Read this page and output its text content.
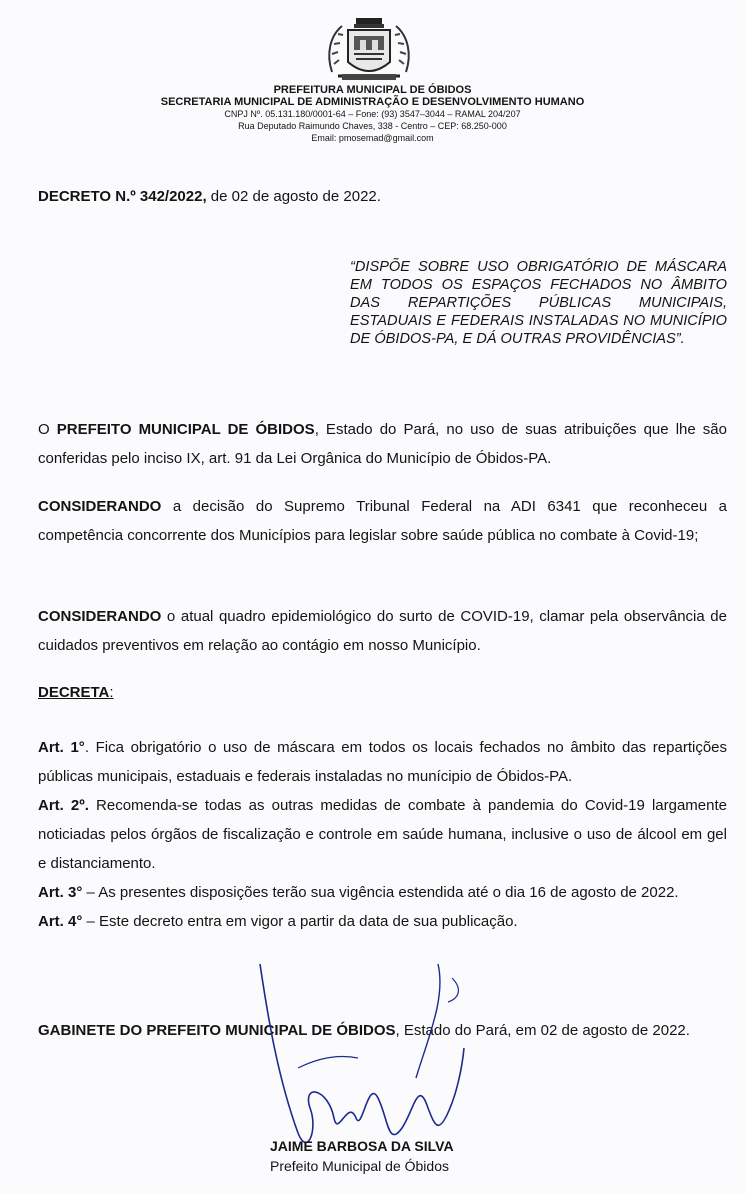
PREFEITURA MUNICIPAL DE ÓBIDOS
SECRETARIA MUNICIPAL DE ADMINISTRAÇÃO E DESENVOLVIMENTO HUMANO
CNPJ Nº. 05.131.180/0001-64 – Fone: (93) 3547–3044 – RAMAL 204/207
Rua Deputado Raimundo Chaves, 338 - Centro – CEP: 68.250-000
Email: pmosemad@gmail.com
DECRETO N.º 342/2022, de 02 de agosto de 2022.
“DISPÕE SOBRE USO OBRIGATÓRIO DE MÁSCARA EM TODOS OS ESPAÇOS FECHADOS NO ÂMBITO DAS REPARTIÇÕES PÚBLICAS MUNICIPAIS, ESTADUAIS E FEDERAIS INSTALADAS NO MUNICÍPIO DE ÓBIDOS-PA, E DÁ OUTRAS PROVIDÊNCIAS”.
O PREFEITO MUNICIPAL DE ÓBIDOS, Estado do Pará, no uso de suas atribuições que lhe são conferidas pelo inciso IX, art. 91 da Lei Orgânica do Município de Óbidos-PA.
CONSIDERANDO a decisão do Supremo Tribunal Federal na ADI 6341 que reconheceu a competência concorrente dos Municípios para legislar sobre saúde pública no combate à Covid-19;
CONSIDERANDO o atual quadro epidemiológico do surto de COVID-19, clamar pela observância de cuidados preventivos em relação ao contágio em nosso Município.
DECRETA:

Art. 1°. Fica obrigatório o uso de máscara em todos os locais fechados no âmbito das repartições públicas municipais, estaduais e federais instaladas no munícipio de Óbidos-PA.

Art. 2º. Recomenda-se todas as outras medidas de combate à pandemia do Covid-19 largamente noticiadas pelos órgãos de fiscalização e controle em saúde humana, inclusive o uso de álcool em gel e distanciamento.

Art. 3° – As presentes disposições terão sua vigência estendida até o dia 16 de agosto de 2022.

Art. 4° – Este decreto entra em vigor a partir da data de sua publicação.

GABINETE DO PREFEITO MUNICIPAL DE ÓBIDOS, Estado do Pará, em 02 de agosto de 2022.
JAIME BARBOSA DA SILVA
Prefeito Municipal de Óbidos
